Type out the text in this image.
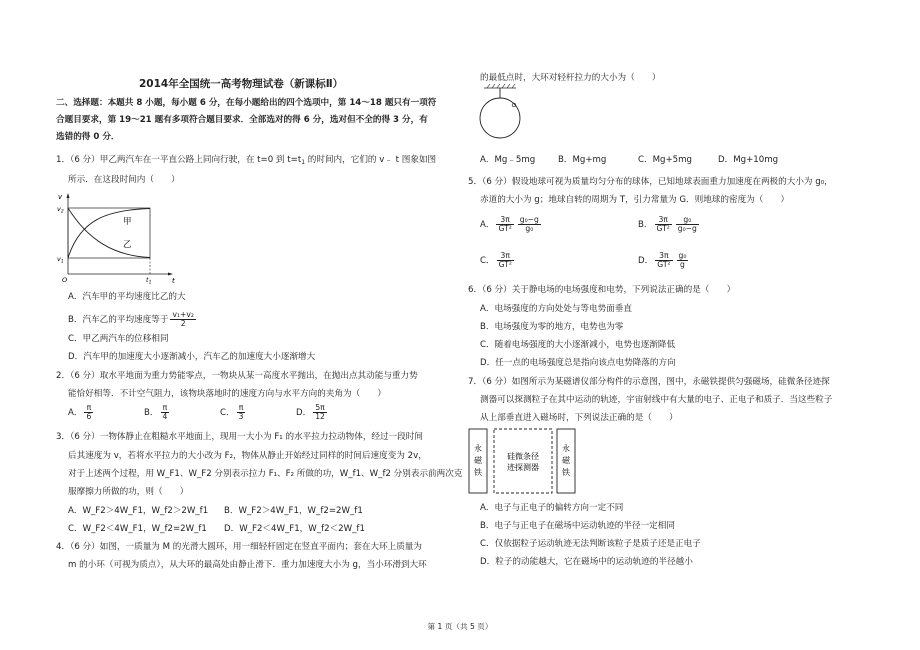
2014年全国统一高考物理试卷（新课标Ⅱ）
二、选择题：本题共 8 小题，每小题 6 分，在每小题给出的四个选项中，第 14～18 题只有一项符
合题目要求，第 19～21 题有多项符合题目要求．全部选对的得 6 分，选对但不全的得 3 分，有
选错的得 0 分．
1．（6 分）甲乙两汽车在一平直公路上同向行驶，在 t=0 到 $t=t_1$ 的时间内，它们的 v﹣ t 图象如图
所示．在这段时间内（　　）
v
t
$v_2$
$v_1$
O	$t_1$
甲
乙
A．汽车甲的平均速度比乙的大
B．汽车乙的平均速度等于 $\frac{\text{v₁+v₂}}{2}$
C．甲乙两汽车的位移相同
D．汽车甲的加速度大小逐渐减小，汽车乙的加速度大小逐渐增大
2．（6 分）取水平地面为重力势能零点，一物块从某一高度水平抛出，在抛出点其动能与重力势
能恰好相等．不计空气阻力，该物块落地时的速度方向与水平方向的夹角为（　　）
A． $\frac{\pi}{6}$	B． $\frac{\pi}{4}$	C． $\frac{\pi}{3}$	D． $\frac{5\pi}{12}$
3．（6 分）一物体静止在粗糙水平地面上，现用一大小为 F₁ 的水平拉力拉动物体，经过一段时间
后其速度为 v，若将水平拉力的大小改为 F₂，物体从静止开始经过同样的时间后速度变为 2v，
对于上述两个过程，用 W_F1、W_F2 分别表示拉力 F₁、F₂ 所做的功，W_f1、W_f2 分别表示前两次克
服摩擦力所做的功，则（　　）
A．W_F2＞4W_F1，W_f2＞2W_f1 B．W_F2＞4W_F1，W_f2=2W_f1
C．W_F2＜4W_F1，W_f2=2W_f1 D．W_F2＜4W_F1，W_f2＜2W_f1
4．（6 分）如图，一质量为 M 的光滑大圆环，用一细轻杆固定在竖直平面内；套在大环上质量为
m 的小环（可视为质点），从大环的最高处由静止滑下．重力加速度大小为 g，当小环滑到大环
的最低点时，大环对轻杆拉力的大小为（　　）
A．Mg﹣5mg	B．Mg+mg	C．Mg+5mg	D．Mg+10mg
5．（6 分）假设地球可视为质量均匀分布的球体，已知地球表面重力加速度在两极的大小为 g₀，
赤道的大小为 g；地球自转的周期为 T，引力常量为 G．则地球的密度为（　　）
A． $\frac{3\pi}{\text{GT²}} \frac{\text{g₀−g}}{\text{g₀}}$	B． $\frac{3\pi}{\text{GT²}} \frac{\text{g₀}}{\text{g₀−g}}$
C． $\frac{3\pi}{\text{GT²}}$	D． $\frac{3\pi}{\text{GT²}} \frac{\text{g₀}}{g}$
6．（6 分）关于静电场的电场强度和电势，下列说法正确的是（　　）
A．电场强度的方向处处与等电势面垂直
B．电场强度为零的地方，电势也为零
C．随着电场强度的大小逐渐减小，电势也逐渐降低
D．任一点的电场强度总是指向该点电势降落的方向
7．（6 分）如图所示为某磁谱仪部分构件的示意图，图中，永磁铁提供匀强磁场，硅微条径迹探
测器可以探测粒子在其中运动的轨迹，宇宙射线中有大量的电子、正电子和质子．当这些粒子
从上部垂直进入磁场时，下列说法正确的是（　　）
永
磁
铁
硅微条径
迹探测器
永
磁
铁
A．电子与正电子的偏转方向一定不同
B．电子与正电子在磁场中运动轨迹的半径一定相同
C．仅依据粒子运动轨迹无法判断该粒子是质子还是正电子
D．粒子的动能越大，它在磁场中的运动轨迹的半径越小
第 1 页（共 5 页）
